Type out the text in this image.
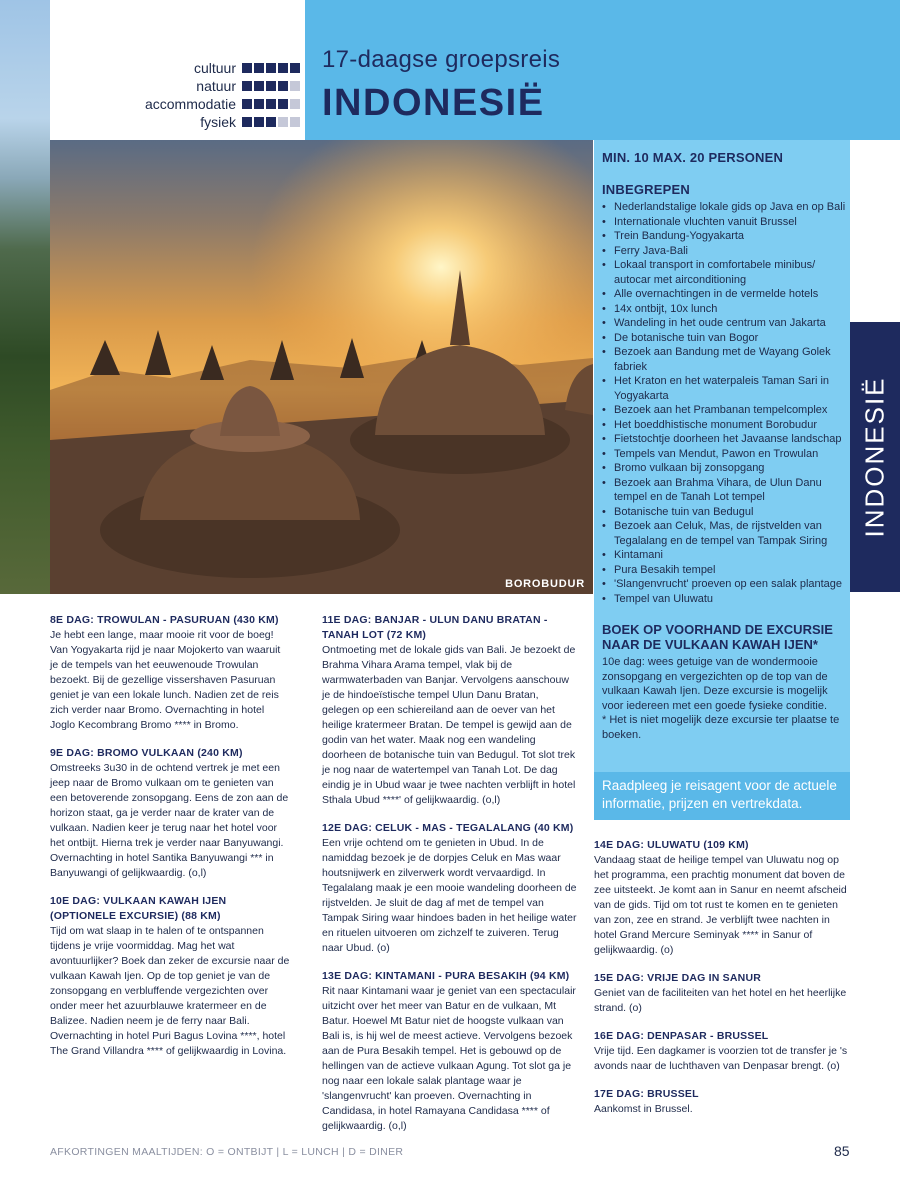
cultuur
natuur
accommodatie
fysiek
17-daagse groepsreis
INDONESIË
BOROBUDUR
MIN. 10 MAX. 20 PERSONEN
INBEGREPEN
• Nederlandstalige lokale gids op Java en op Bali
• Internationale vluchten vanuit Brussel
• Trein Bandung-Yogyakarta
• Ferry Java-Bali
• Lokaal transport in comfortabele minibus/ autocar met airconditioning
• Alle overnachtingen in de vermelde hotels
• 14x ontbijt, 10x lunch
• Wandeling in het oude centrum van Jakarta
• De botanische tuin van Bogor
• Bezoek aan Bandung met de Wayang Golek fabriek
• Het Kraton en het waterpaleis Taman Sari in Yogyakarta
• Bezoek aan het Prambanan tempelcomplex
• Het boeddhistische monument Borobudur
• Fietstochtje doorheen het Javaanse landschap
• Tempels van Mendut, Pawon en Trowulan
• Bromo vulkaan bij zonsopgang
• Bezoek aan Brahma Vihara, de Ulun Danu tempel en de Tanah Lot tempel
• Botanische tuin van Bedugul
• Bezoek aan Celuk, Mas, de rijstvelden van Tegalalang en de tempel van Tampak Siring
• Kintamani
• Pura Besakih tempel
• 'Slangenvrucht' proeven op een salak plantage
• Tempel van Uluwatu
BOEK OP VOORHAND DE EXCURSIE NAAR DE VULKAAN KAWAH IJEN*
10e dag: wees getuige van de wondermooie zonsopgang en vergezichten op de top van de vulkaan Kawah Ijen. Deze excursie is mogelijk voor iedereen met een goede fysieke conditie.
* Het is niet mogelijk deze excursie ter plaatse te boeken.
Raadpleeg je reisagent voor de actuele informatie, prijzen en vertrekdata.
INDONESIË
8E DAG: TROWULAN - PASURUAN (430 KM)
Je hebt een lange, maar mooie rit voor de boeg! Van Yogyakarta rijd je naar Mojokerto van waaruit je de tempels van het eeuwenoude Trowulan bezoekt. Bij de gezellige vissershaven Pasuruan geniet je van een lokale lunch. Nadien zet de reis zich verder naar Bromo. Overnachting in hotel Joglo Kecombrang Bromo **** in Bromo.
9E DAG: BROMO VULKAAN (240 KM)
Omstreeks 3u30 in de ochtend vertrek je met een jeep naar de Bromo vulkaan om te genieten van een betoverende zonsopgang. Eens de zon aan de horizon staat, ga je verder naar de krater van de vulkaan. Nadien keer je terug naar het hotel voor het ontbijt. Hierna trek je verder naar Banyuwangi. Overnachting in hotel Santika Banyuwangi *** in Banyuwangi of gelijkwaardig. (o,l)
10E DAG: VULKAAN KAWAH IJEN (OPTIONELE EXCURSIE) (88 KM)
Tijd om wat slaap in te halen of te ontspannen tijdens je vrije voormiddag. Mag het wat avontuurlijker? Boek dan zeker de excursie naar de vulkaan Kawah Ijen. Op de top geniet je van de zonsopgang en verbluffende vergezichten over onder meer het azuurblauwe kratermeer en de Balizee. Nadien neem je de ferry naar Bali. Overnachting in hotel Puri Bagus Lovina ****, hotel The Grand Villandra **** of gelijkwaardig in Lovina.
11E DAG: BANJAR - ULUN DANU BRATAN - TANAH LOT (72 KM)
Ontmoeting met de lokale gids van Bali. Je bezoekt de Brahma Vihara Arama tempel, vlak bij de warmwaterbaden van Banjar. Vervolgens aanschouw je de hindoeïstische tempel Ulun Danu Bratan, gelegen op een schiereiland aan de oever van het heilige kratermeer Bratan. De tempel is gewijd aan de godin van het water. Maak nog een wandeling doorheen de botanische tuin van Bedugul. Tot slot trek je nog naar de watertempel van Tanah Lot. De dag eindig je in Ubud waar je twee nachten verblijft in hotel Sthala Ubud ****' of gelijkwaardig. (o,l)
12E DAG: CELUK - MAS - TEGALALANG (40 KM)
Een vrije ochtend om te genieten in Ubud. In de namiddag bezoek je de dorpjes Celuk en Mas waar houtsnijwerk en zilverwerk wordt vervaardigd. In Tegalalang maak je een mooie wandeling doorheen de rijstvelden. Je sluit de dag af met de tempel van Tampak Siring waar hindoes baden in het heilige water en rituelen uitvoeren om zichzelf te zuiveren. Terug naar Ubud. (o)
13E DAG: KINTAMANI - PURA BESAKIH (94 KM)
Rit naar Kintamani waar je geniet van een spectaculair uitzicht over het meer van Batur en de vulkaan, Mt Batur. Hoewel Mt Batur niet de hoogste vulkaan van Bali is, is hij wel de meest actieve. Vervolgens bezoek aan de Pura Besakih tempel. Het is gebouwd op de hellingen van de actieve vulkaan Agung. Tot slot ga je nog naar een lokale salak plantage waar je 'slangenvrucht' kan proeven. Overnachting in Candidasa, in hotel Ramayana Candidasa **** of gelijkwaardig. (o,l)
14E DAG: ULUWATU (109 KM)
Vandaag staat de heilige tempel van Uluwatu nog op het programma, een prachtig monument dat boven de zee uitsteekt. Je komt aan in Sanur en neemt afscheid van de gids. Tijd om tot rust te komen en te genieten van zon, zee en strand. Je verblijft twee nachten in hotel Grand Mercure Seminyak **** in Sanur of gelijkwaardig. (o)
15E DAG: VRIJE DAG IN SANUR
Geniet van de faciliteiten van het hotel en het heerlijke strand. (o)
16E DAG: DENPASAR - BRUSSEL
Vrije tijd. Een dagkamer is voorzien tot de transfer je 's avonds naar de luchthaven van Denpasar brengt. (o)
17E DAG: BRUSSEL
Aankomst in Brussel.
AFKORTINGEN MAALTIJDEN: O = ONTBIJT | L = LUNCH | D = DINER	85
